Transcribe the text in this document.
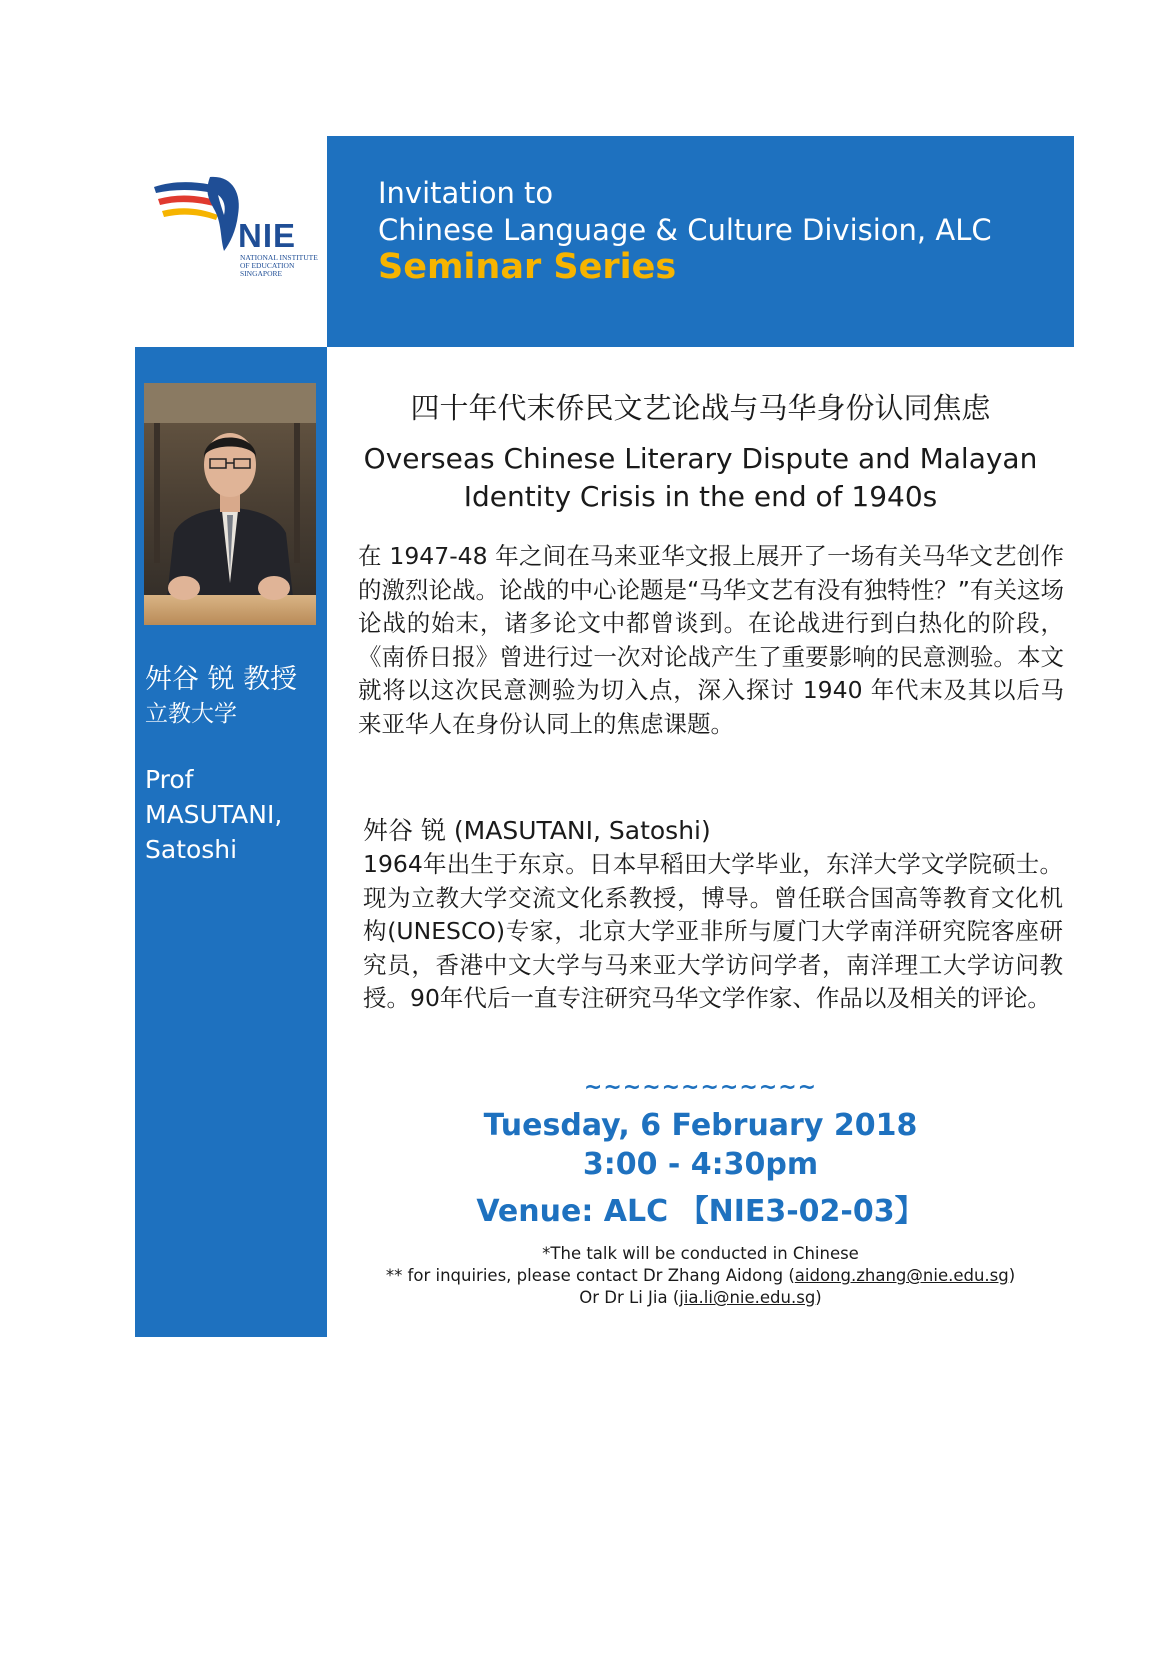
NIE
NATIONAL INSTITUTE OF EDUCATION SINGAPORE
Invitation to
Chinese Language & Culture Division, ALC
Seminar Series
舛谷 锐 教授
立教大学
Prof MASUTANI, Satoshi
四十年代末侨民文艺论战与马华身份认同焦虑
Overseas Chinese Literary Dispute and Malayan Identity Crisis in the end of 1940s
在 1947-48 年之间在马来亚华文报上展开了一场有关马华文艺创作的激烈论战。论战的中心论题是“马华文艺有没有独特性？”有关这场论战的始末，诸多论文中都曾谈到。在论战进行到白热化的阶段，《南侨日报》曾进行过一次对论战产生了重要影响的民意测验。本文就将以这次民意测验为切入点，深入探讨 1940 年代末及其以后马来亚华人在身份认同上的焦虑课题。
舛谷 锐 (MASUTANI, Satoshi)
1964年出生于东京。日本早稻田大学毕业，东洋大学文学院硕士。现为立教大学交流文化系教授，博导。曾任联合国高等教育文化机构(UNESCO)专家，北京大学亚非所与厦门大学南洋研究院客座研究员，香港中文大学与马来亚大学访问学者，南洋理工大学访问教授。90年代后一直专注研究马华文学作家、作品以及相关的评论。
~~~~~~~~~~~~
Tuesday, 6 February 2018
3:00 - 4:30pm
Venue: ALC 【NIE3-02-03】
*The talk will be conducted in Chinese
** for inquiries, please contact Dr Zhang Aidong (aidong.zhang@nie.edu.sg)
Or Dr Li Jia (jia.li@nie.edu.sg)
